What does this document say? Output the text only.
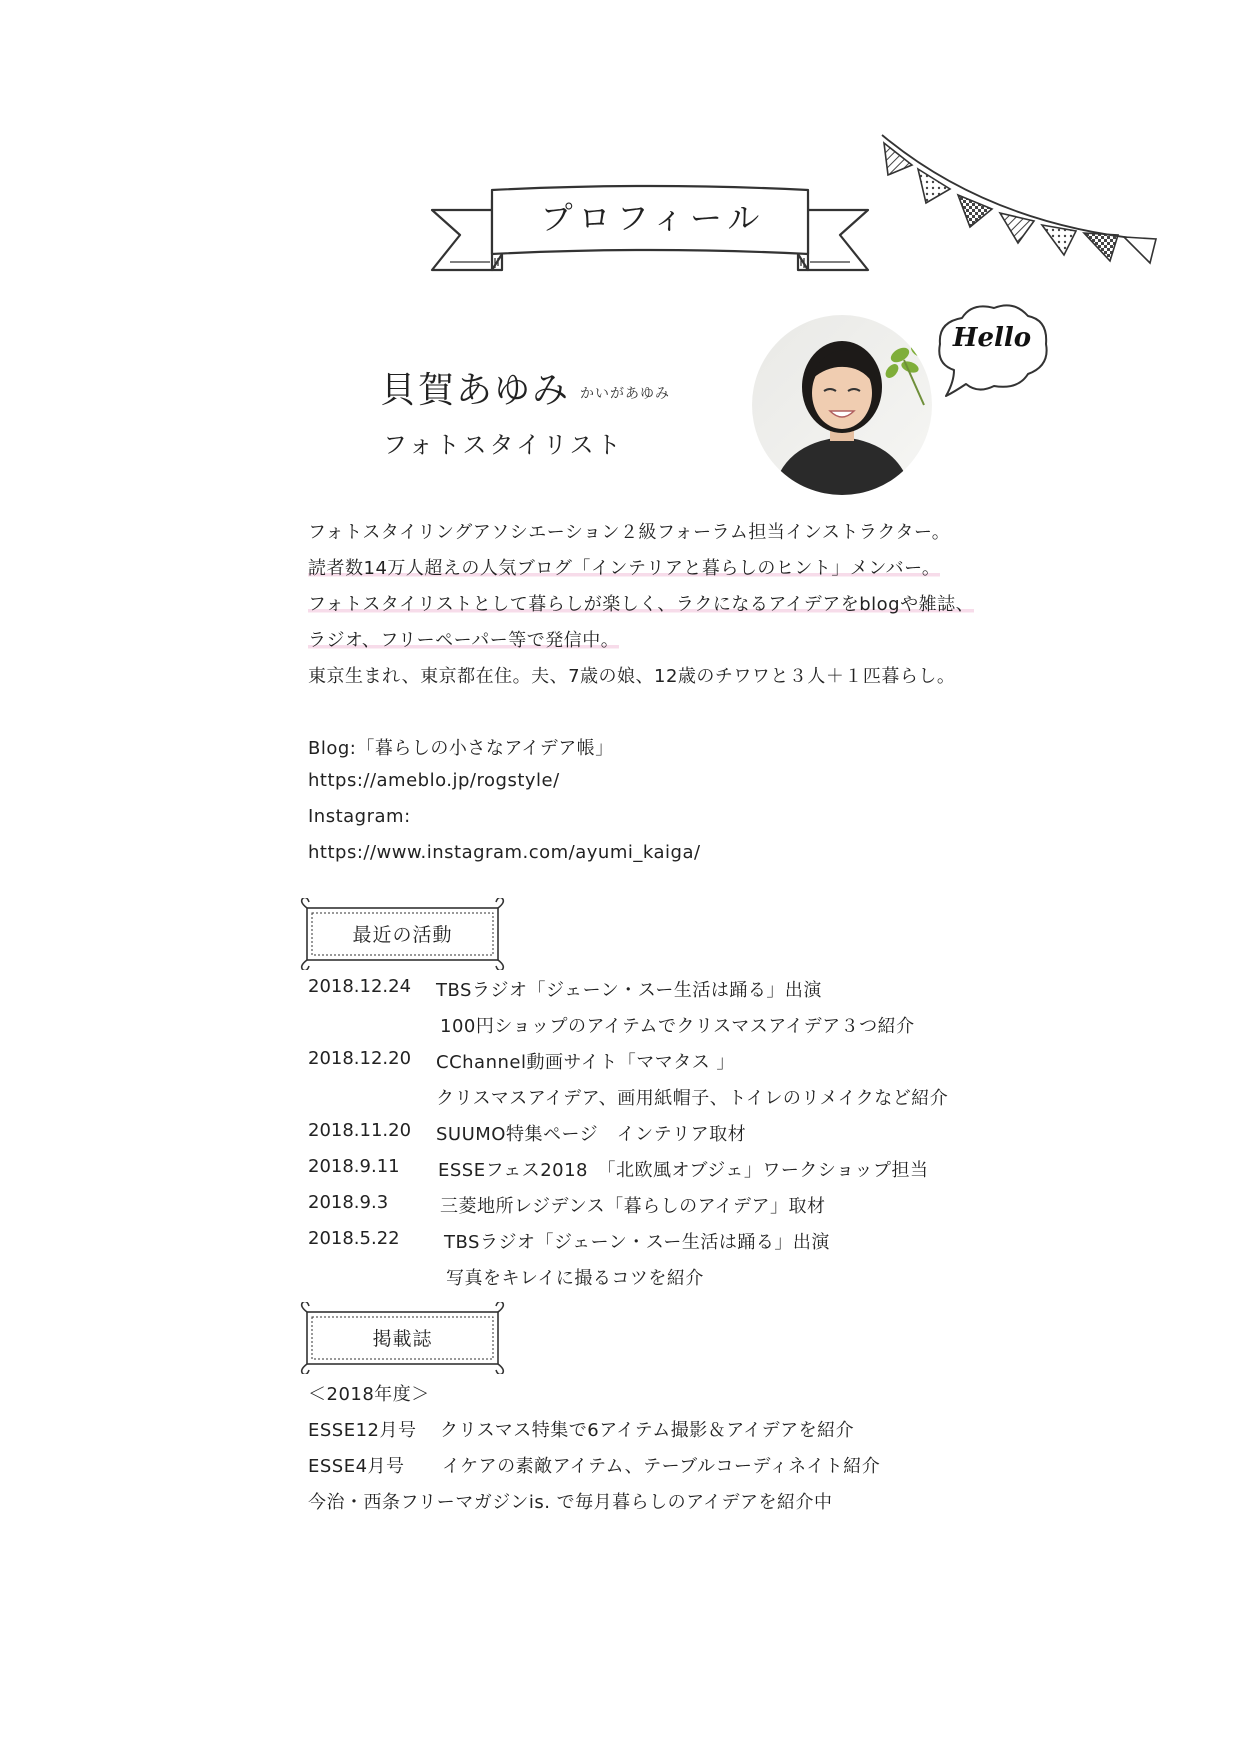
プロフィール
Hello
貝賀あゆみ かいがあゆみ
フォトスタイリスト
フォトスタイリングアソシエーション２級フォーラム担当インストラクター。
読者数14万人超えの人気ブログ「インテリアと暮らしのヒント」メンバー。
フォトスタイリストとして暮らしが楽しく、ラクになるアイデアをblogや雑誌、
ラジオ、フリーペーパー等で発信中。
東京生まれ、東京都在住。夫、7歳の娘、12歳のチワワと３人＋１匹暮らし。
Blog:「暮らしの小さなアイデア帳」
https://ameblo.jp/rogstyle/
Instagram:
https://www.instagram.com/ayumi_kaiga/
最近の活動
2018.12.24 TBSラジオ「ジェーン・スー生活は踊る」出演
100円ショップのアイテムでクリスマスアイデア３つ紹介
2018.12.20 CChannel動画サイト「ママタス 」
クリスマスアイデア、画用紙帽子、トイレのリメイクなど紹介
2018.11.20 SUUMO特集ページ　インテリア取材
2018.9.11 ESSEフェス2018　「北欧風オブジェ」ワークショップ担当
2018.9.3	三菱地所レジデンス「暮らしのアイデア」取材
2018.5.22 TBSラジオ「ジェーン・スー生活は踊る」出演
写真をキレイに撮るコツを紹介
掲載誌
＜2018年度＞
ESSE12月号 クリスマス特集で6アイテム撮影＆アイデアを紹介
ESSE4月号 イケアの素敵アイテム、テーブルコーディネイト紹介
今治・西条フリーマガジンis. で毎月暮らしのアイデアを紹介中
